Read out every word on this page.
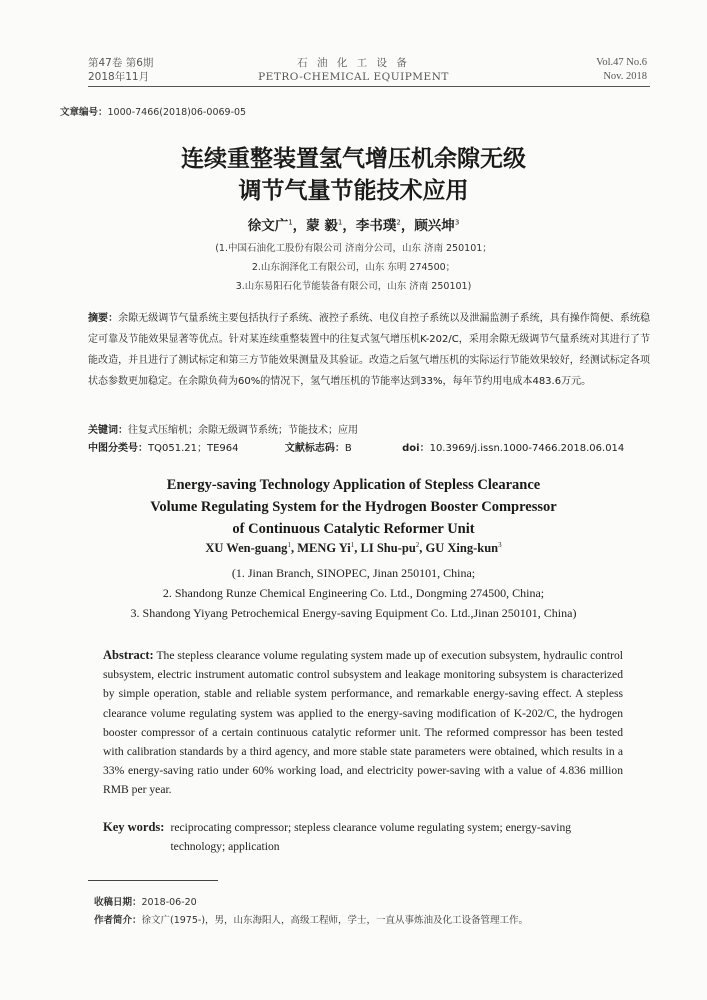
第47卷 第6期
2018年11月
石 油 化 工 设 备
PETRO-CHEMICAL EQUIPMENT
Vol.47 No.6
Nov. 2018
文章编号：1000-7466(2018)06-0069-05
连续重整装置氢气增压机余隙无级
调节气量节能技术应用
徐文广$^1$，蒙 毅$^1$，李书璞$^2$，顾兴坤$^3$
(1.中国石油化工股份有限公司 济南分公司，山东 济南 250101；
2.山东润泽化工有限公司，山东 东明 274500；
3.山东易阳石化节能装备有限公司，山东 济南 250101)
摘要：余隙无级调节气量系统主要包括执行子系统、液控子系统、电仪自控子系统以及泄漏监测子系统，具有操作简便、系统稳定可靠及节能效果显著等优点。针对某连续重整装置中的往复式氢气增压机K-202/C，采用余隙无级调节气量系统对其进行了节能改造，并且进行了测试标定和第三方节能效果测量及其验证。改造之后氢气增压机的实际运行节能效果较好，经测试标定各项状态参数更加稳定。在余隙负荷为60%的情况下，氢气增压机的节能率达到33%，每年节约用电成本483.6万元。
关键词：往复式压缩机；余隙无级调节系统；节能技术；应用
中图分类号：TQ051.21；TE964	文献标志码：B	doi：10.3969/j.issn.1000-7466.2018.06.014
Energy-saving Technology Application of Stepless Clearance
Volume Regulating System for the Hydrogen Booster Compressor
of Continuous Catalytic Reformer Unit
XU Wen-guang$^1$, MENG Yi$^1$, LI Shu-$pu^2$, GU Xing-kun$^3$
(1. Jinan Branch, SINOPEC, Jinan 250101, China;
2. Shandong Runze Chemical Engineering Co. Ltd., Dongming 274500, China;
3. Shandong Yiyang Petrochemical Energy-saving Equipment Co. Ltd.,Jinan 250101, China)
Abstract: The stepless clearance volume regulating system made up of execution subsystem, hydraulic control subsystem, electric instrument automatic control subsystem and leakage monitoring subsystem is characterized by simple operation, stable and reliable system performance, and remarkable energy-saving effect. A stepless clearance volume regulating system was applied to the energy-saving modification of K-202/C, the hydrogen booster compressor of a certain continuous catalytic reformer unit. The reformed compressor has been tested with calibration standards by a third agency, and more stable state parameters were obtained, which results in a 33% energy-saving ratio under 60% working load, and electricity power-saving with a value of 4.836 million RMB per year.
Key words: reciprocating compressor; stepless clearance volume regulating system; energy-saving technology; application
收稿日期：2018-06-20
作者简介：徐文广(1975-)，男，山东海阳人，高级工程师，学士，一直从事炼油及化工设备管理工作。
